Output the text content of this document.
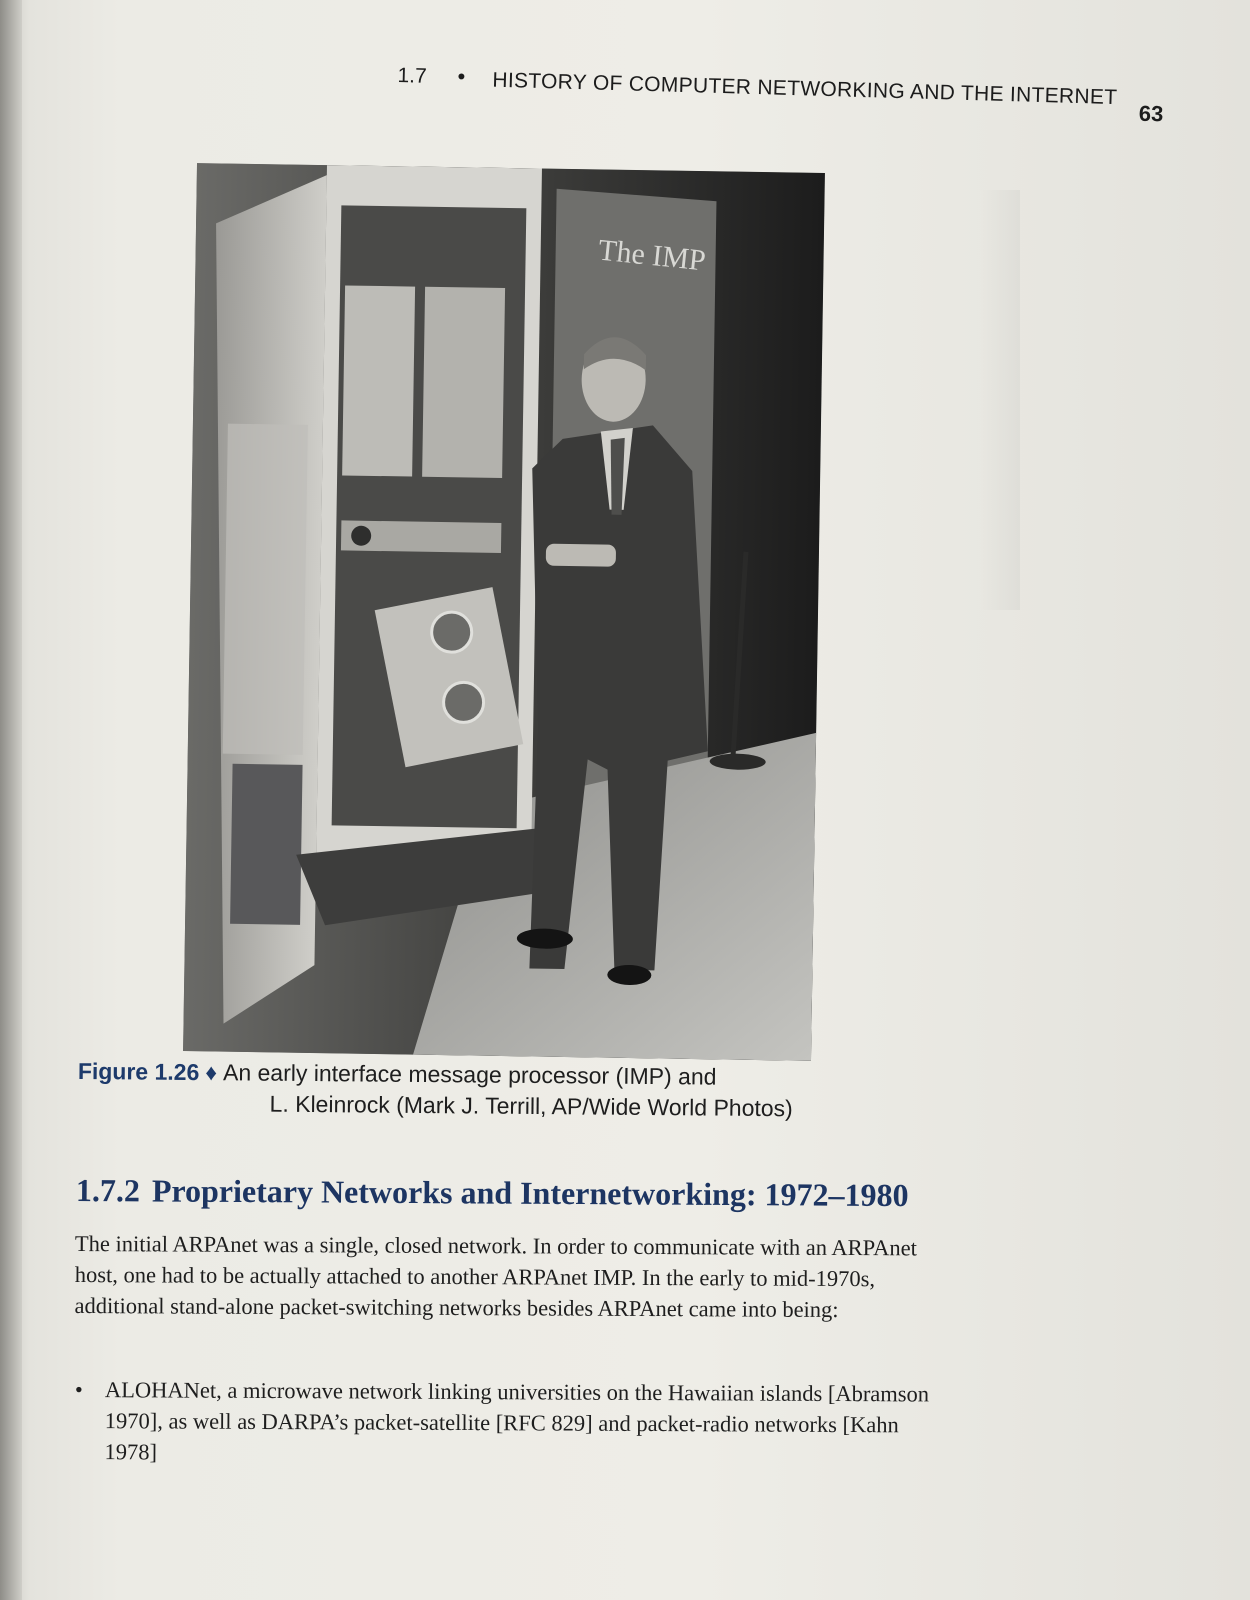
1.7 • HISTORY OF COMPUTER NETWORKING AND THE INTERNET
63
The IMP
Figure 1.26 ♦ An early interface message processor (IMP) and
L. Kleinrock (Mark J. Terrill, AP/Wide World Photos)
1.7.2 Proprietary Networks and Internetworking: 1972–1980
The initial ARPAnet was a single, closed network. In order to communicate with an ARPAnet host, one had to be actually attached to another ARPAnet IMP. In the early to mid-1970s, additional stand-alone packet-switching networks besides ARPAnet came into being:
• ALOHANet, a microwave network linking universities on the Hawaiian islands [Abramson 1970], as well as DARPA’s packet-satellite [RFC 829] and packet-radio networks [Kahn 1978]
